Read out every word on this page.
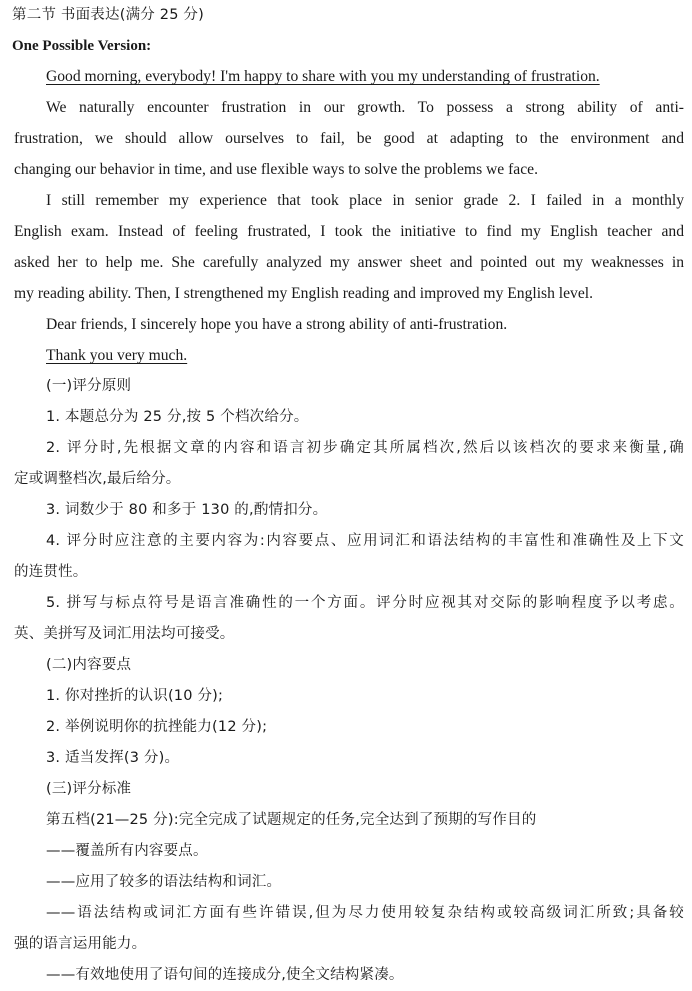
第二节 书面表达(满分 25 分)
One Possible Version:
Good morning, everybody! I'm happy to share with you my understanding of frustration.
We naturally encounter frustration in our growth. To possess a strong ability of anti-
frustration, we should allow ourselves to fail, be good at adapting to the environment and
changing our behavior in time, and use flexible ways to solve the problems we face.
I still remember my experience that took place in senior grade 2. I failed in a monthly
English exam. Instead of feeling frustrated, I took the initiative to find my English teacher and
asked her to help me. She carefully analyzed my answer sheet and pointed out my weaknesses in
my reading ability. Then, I strengthened my English reading and improved my English level.
Dear friends, I sincerely hope you have a strong ability of anti-frustration.
Thank you very much.
(一)评分原则
1. 本题总分为 25 分,按 5 个档次给分。
2. 评分时,先根据文章的内容和语言初步确定其所属档次,然后以该档次的要求来衡量,确
定或调整档次,最后给分。
3. 词数少于 80 和多于 130 的,酌情扣分。
4. 评分时应注意的主要内容为:内容要点、应用词汇和语法结构的丰富性和准确性及上下文
的连贯性。
5. 拼写与标点符号是语言准确性的一个方面。评分时应视其对交际的影响程度予以考虑。
英、美拼写及词汇用法均可接受。
(二)内容要点
1. 你对挫折的认识(10 分);
2. 举例说明你的抗挫能力(12 分);
3. 适当发挥(3 分)。
(三)评分标准
第五档(21—25 分):完全完成了试题规定的任务,完全达到了预期的写作目的
——覆盖所有内容要点。
——应用了较多的语法结构和词汇。
——语法结构或词汇方面有些许错误,但为尽力使用较复杂结构或较高级词汇所致;具备较
强的语言运用能力。
——有效地使用了语句间的连接成分,使全文结构紧凑。
